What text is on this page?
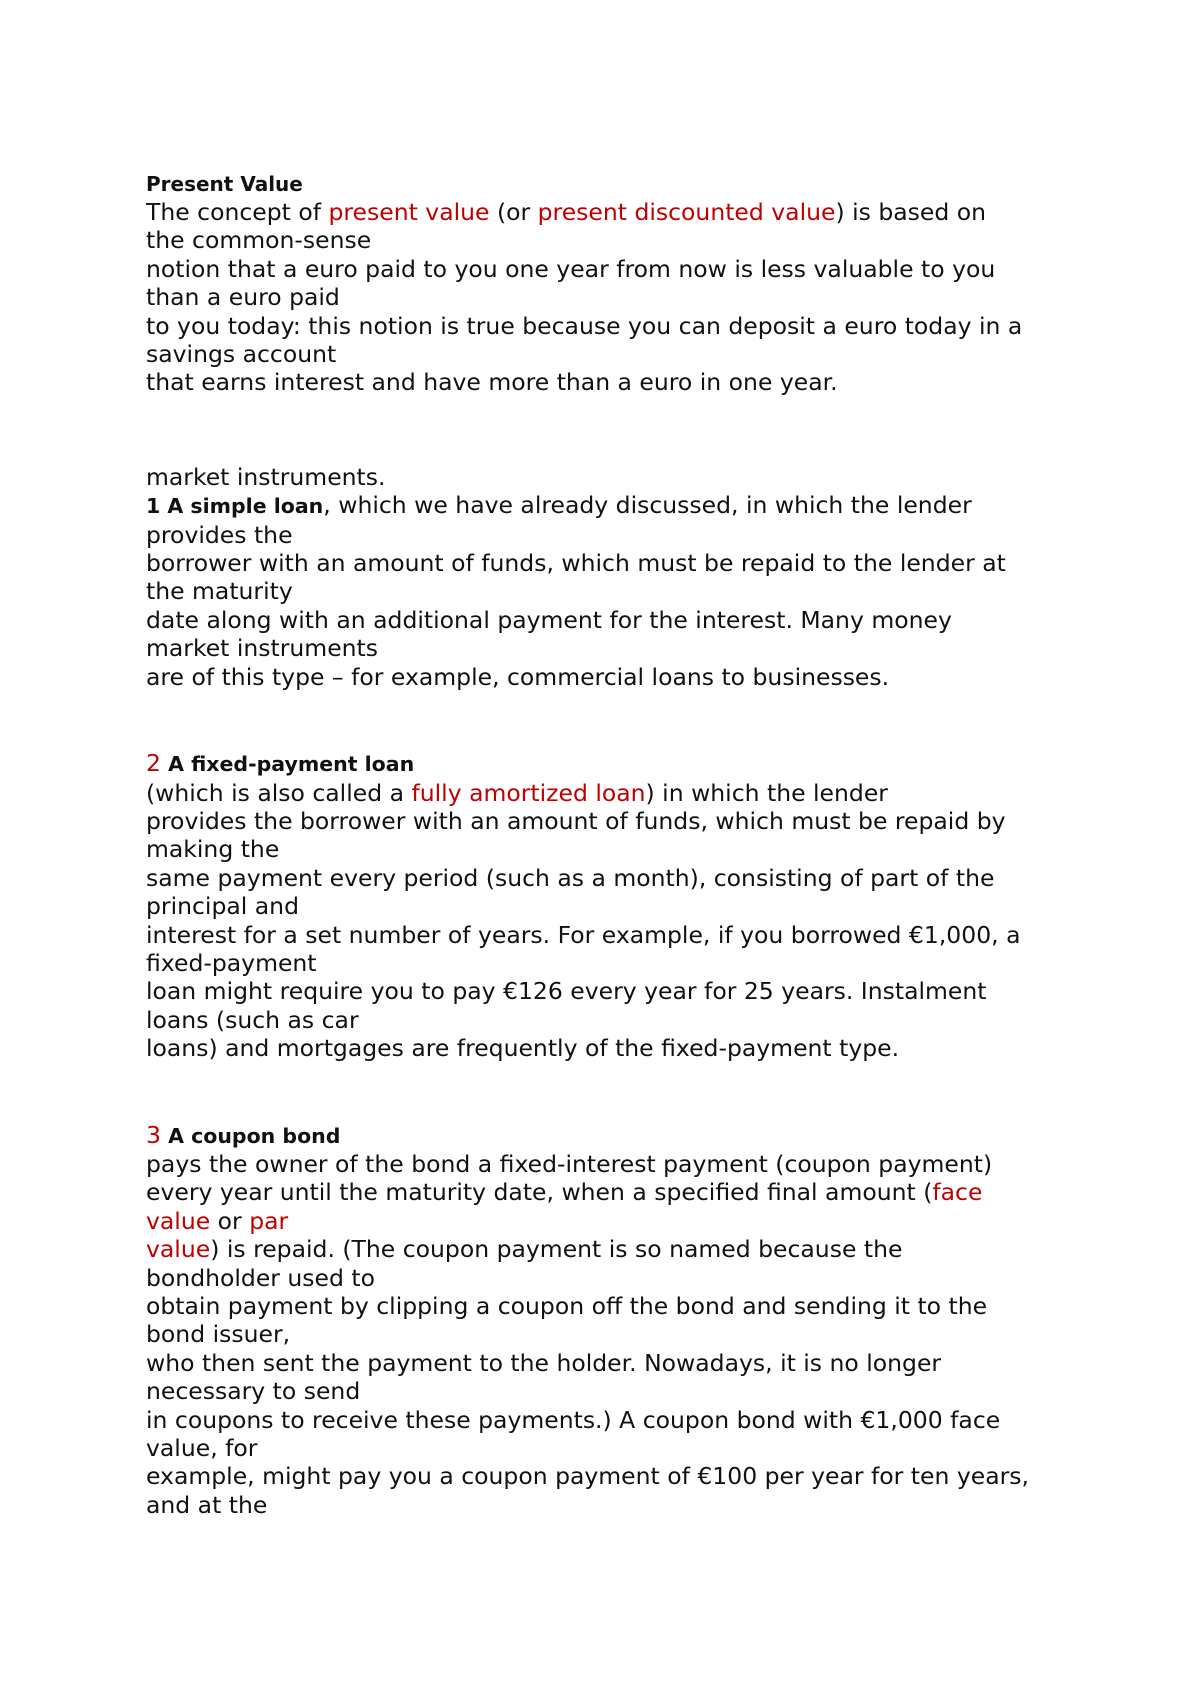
Present Value

The concept of present value (or present discounted value) is based on
the common-sense
notion that a euro paid to you one year from now is less valuable to you
than a euro paid
to you today: this notion is true because you can deposit a euro today in a
savings account
that earns interest and have more than a euro in one year.

market instruments.
1 A simple loan, which we have already discussed, in which the lender
provides the
borrower with an amount of funds, which must be repaid to the lender at
the maturity
date along with an additional payment for the interest. Many money
market instruments
are of this type – for example, commercial loans to businesses.

2 A fixed-payment loan
(which is also called a fully amortized loan) in which the lender
provides the borrower with an amount of funds, which must be repaid by
making the
same payment every period (such as a month), consisting of part of the
principal and
interest for a set number of years. For example, if you borrowed €1,000, a
fixed-payment
loan might require you to pay €126 every year for 25 years. Instalment
loans (such as car
loans) and mortgages are frequently of the fixed-payment type.

3 A coupon bond
pays the owner of the bond a fixed-interest payment (coupon payment)
every year until the maturity date, when a specified final amount (face
value or par
value) is repaid. (The coupon payment is so named because the
bondholder used to
obtain payment by clipping a coupon off the bond and sending it to the
bond issuer,
who then sent the payment to the holder. Nowadays, it is no longer
necessary to send
in coupons to receive these payments.) A coupon bond with €1,000 face
value, for
example, might pay you a coupon payment of €100 per year for ten years,
and at the
